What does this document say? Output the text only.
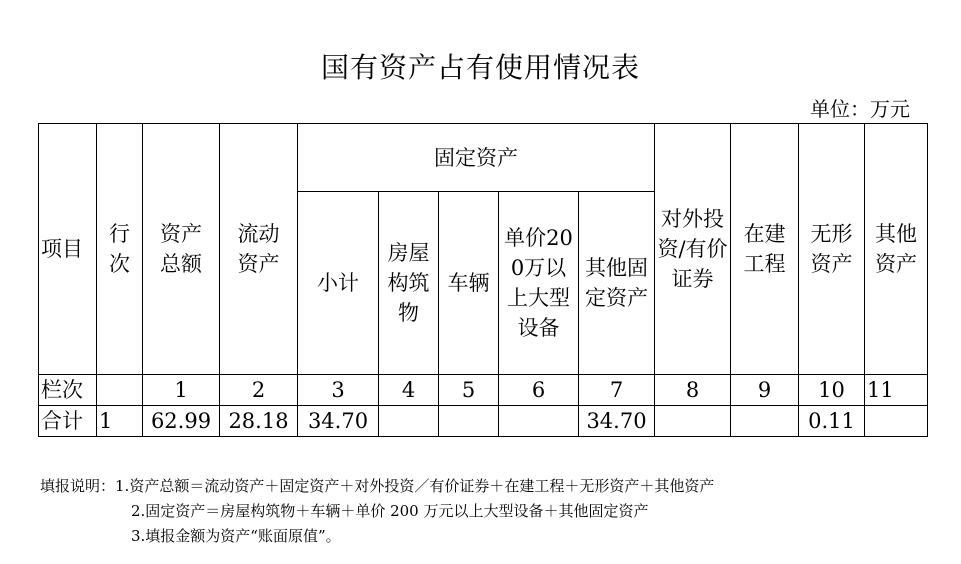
国有资产占有使用情况表
单位：万元
项目	行次	资产总额	流动资产	固定资产					对外投资/有价证券	在建工程	无形资产	其他资产

				小计	房屋构筑物	车辆	单价200万以上大型设备	其他固定资产				

栏次		1	2	3	4	5	6	7	8	9	10	11
合计	1	62.99	28.18	34.70				34.70			0.11	
填报说明：1.资产总额＝流动资产＋固定资产＋对外投资／有价证券＋在建工程＋无形资产＋其他资产
2.固定资产＝房屋构筑物＋车辆＋单价 200 万元以上大型设备＋其他固定资产
3.填报金额为资产“账面原值”。
